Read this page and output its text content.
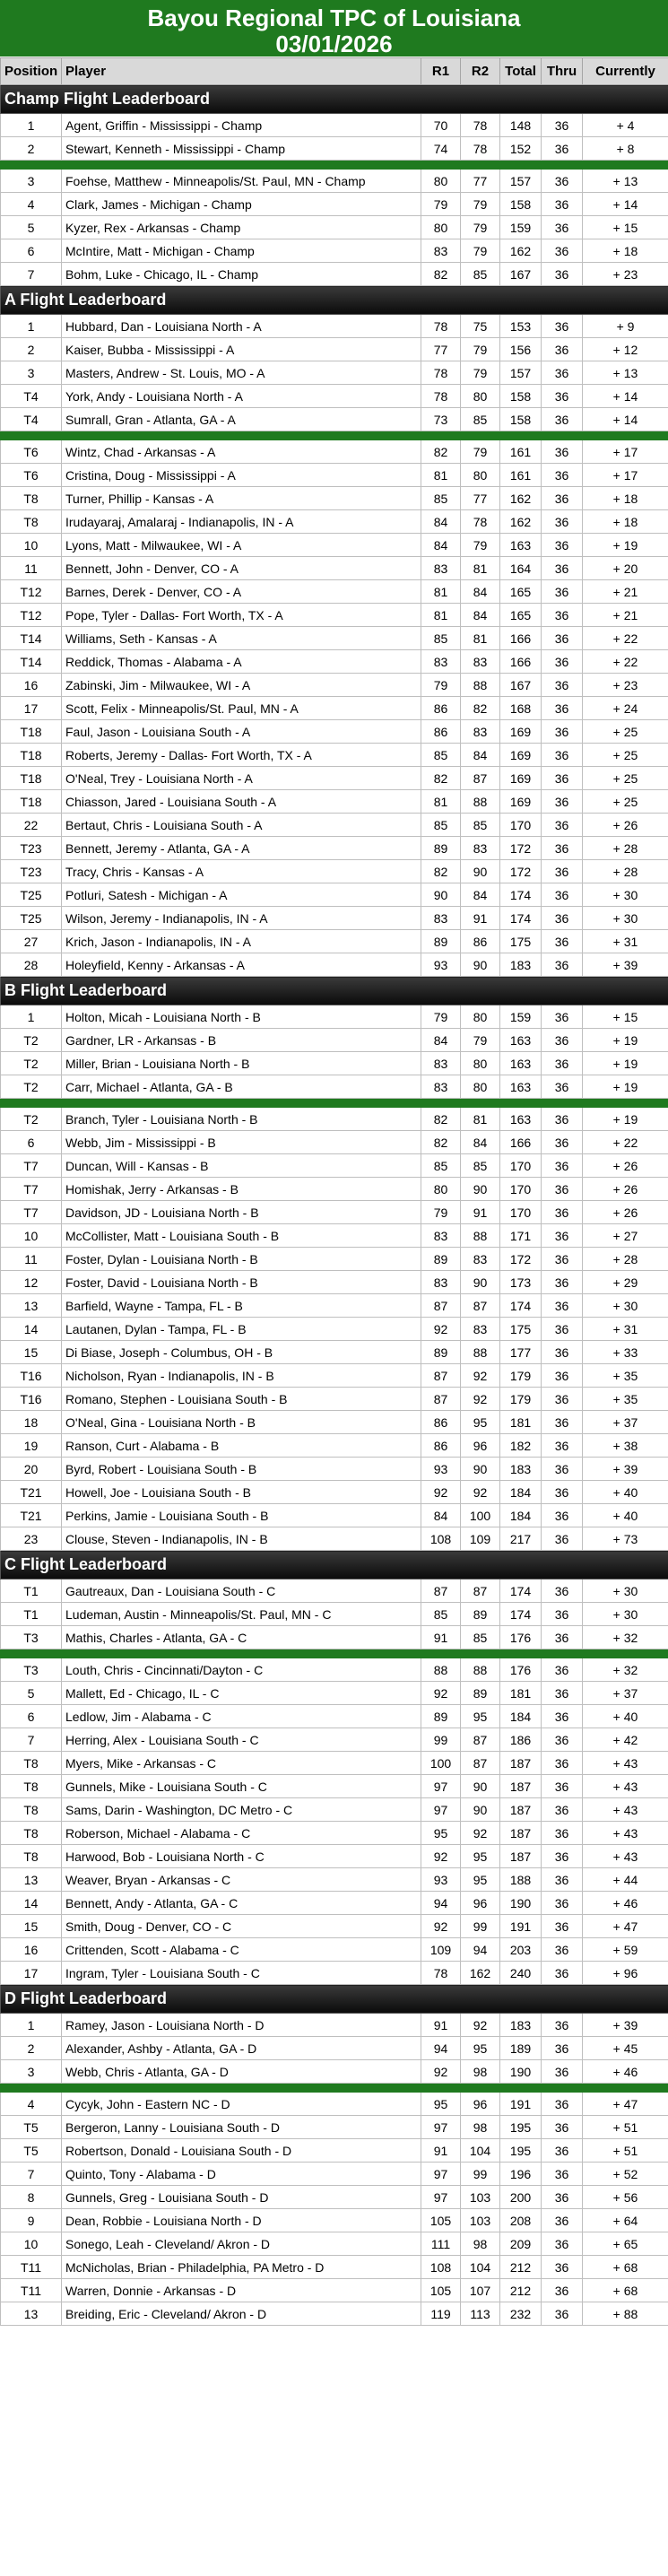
Bayou Regional TPC of Louisiana
03/01/2026
Position	Player	R1	R2	Total	Thru	Currently
Champ Flight Leaderboard						
1	Agent, Griffin - Mississippi - Champ	70	78	148	36	+ 4
2	Stewart, Kenneth - Mississippi - Champ	74	78	152	36	+ 8

3	Foehse, Matthew - Minneapolis/St. Paul, MN - Champ	80	77	157	36	+ 13
4	Clark, James - Michigan - Champ	79	79	158	36	+ 14
5	Kyzer, Rex - Arkansas - Champ	80	79	159	36	+ 15
6	McIntire, Matt - Michigan - Champ	83	79	162	36	+ 18
7	Bohm, Luke - Chicago, IL - Champ	82	85	167	36	+ 23
A Flight Leaderboard						
1	Hubbard, Dan - Louisiana North - A	78	75	153	36	+ 9
2	Kaiser, Bubba - Mississippi - A	77	79	156	36	+ 12
3	Masters, Andrew - St. Louis, MO - A	78	79	157	36	+ 13
T4	York, Andy - Louisiana North - A	78	80	158	36	+ 14
T4	Sumrall, Gran - Atlanta, GA - A	73	85	158	36	+ 14

T6	Wintz, Chad - Arkansas - A	82	79	161	36	+ 17
T6	Cristina, Doug - Mississippi - A	81	80	161	36	+ 17
T8	Turner, Phillip - Kansas - A	85	77	162	36	+ 18
T8	Irudayaraj, Amalaraj - Indianapolis, IN - A	84	78	162	36	+ 18
10	Lyons, Matt - Milwaukee, WI - A	84	79	163	36	+ 19
11	Bennett, John - Denver, CO - A	83	81	164	36	+ 20
T12	Barnes, Derek - Denver, CO - A	81	84	165	36	+ 21
T12	Pope, Tyler - Dallas- Fort Worth, TX - A	81	84	165	36	+ 21
T14	Williams, Seth - Kansas - A	85	81	166	36	+ 22
T14	Reddick, Thomas - Alabama - A	83	83	166	36	+ 22
16	Zabinski, Jim - Milwaukee, WI - A	79	88	167	36	+ 23
17	Scott, Felix - Minneapolis/St. Paul, MN - A	86	82	168	36	+ 24
T18	Faul, Jason - Louisiana South - A	86	83	169	36	+ 25
T18	Roberts, Jeremy - Dallas- Fort Worth, TX - A	85	84	169	36	+ 25
T18	O'Neal, Trey - Louisiana North - A	82	87	169	36	+ 25
T18	Chiasson, Jared - Louisiana South - A	81	88	169	36	+ 25
22	Bertaut, Chris - Louisiana South - A	85	85	170	36	+ 26
T23	Bennett, Jeremy - Atlanta, GA - A	89	83	172	36	+ 28
T23	Tracy, Chris - Kansas - A	82	90	172	36	+ 28
T25	Potluri, Satesh - Michigan - A	90	84	174	36	+ 30
T25	Wilson, Jeremy - Indianapolis, IN - A	83	91	174	36	+ 30
27	Krich, Jason - Indianapolis, IN - A	89	86	175	36	+ 31
28	Holeyfield, Kenny - Arkansas - A	93	90	183	36	+ 39
B Flight Leaderboard						
1	Holton, Micah - Louisiana North - B	79	80	159	36	+ 15
T2	Gardner, LR - Arkansas - B	84	79	163	36	+ 19
T2	Miller, Brian - Louisiana North - B	83	80	163	36	+ 19
T2	Carr, Michael - Atlanta, GA - B	83	80	163	36	+ 19

T2	Branch, Tyler - Louisiana North - B	82	81	163	36	+ 19
6	Webb, Jim - Mississippi - B	82	84	166	36	+ 22
T7	Duncan, Will - Kansas - B	85	85	170	36	+ 26
T7	Homishak, Jerry - Arkansas - B	80	90	170	36	+ 26
T7	Davidson, JD - Louisiana North - B	79	91	170	36	+ 26
10	McCollister, Matt - Louisiana South - B	83	88	171	36	+ 27
11	Foster, Dylan - Louisiana North - B	89	83	172	36	+ 28
12	Foster, David - Louisiana North - B	83	90	173	36	+ 29
13	Barfield, Wayne - Tampa, FL - B	87	87	174	36	+ 30
14	Lautanen, Dylan - Tampa, FL - B	92	83	175	36	+ 31
15	Di Biase, Joseph - Columbus, OH - B	89	88	177	36	+ 33
T16	Nicholson, Ryan - Indianapolis, IN - B	87	92	179	36	+ 35
T16	Romano, Stephen - Louisiana South - B	87	92	179	36	+ 35
18	O'Neal, Gina - Louisiana North - B	86	95	181	36	+ 37
19	Ranson, Curt - Alabama - B	86	96	182	36	+ 38
20	Byrd, Robert - Louisiana South - B	93	90	183	36	+ 39
T21	Howell, Joe - Louisiana South - B	92	92	184	36	+ 40
T21	Perkins, Jamie - Louisiana South - B	84	100	184	36	+ 40
23	Clouse, Steven - Indianapolis, IN - B	108	109	217	36	+ 73
C Flight Leaderboard						
T1	Gautreaux, Dan - Louisiana South - C	87	87	174	36	+ 30
T1	Ludeman, Austin - Minneapolis/St. Paul, MN - C	85	89	174	36	+ 30
T3	Mathis, Charles - Atlanta, GA - C	91	85	176	36	+ 32

T3	Louth, Chris - Cincinnati/Dayton - C	88	88	176	36	+ 32
5	Mallett, Ed - Chicago, IL - C	92	89	181	36	+ 37
6	Ledlow, Jim - Alabama - C	89	95	184	36	+ 40
7	Herring, Alex - Louisiana South - C	99	87	186	36	+ 42
T8	Myers, Mike - Arkansas - C	100	87	187	36	+ 43
T8	Gunnels, Mike - Louisiana South - C	97	90	187	36	+ 43
T8	Sams, Darin - Washington, DC Metro - C	97	90	187	36	+ 43
T8	Roberson, Michael - Alabama - C	95	92	187	36	+ 43
T8	Harwood, Bob - Louisiana North - C	92	95	187	36	+ 43
13	Weaver, Bryan - Arkansas - C	93	95	188	36	+ 44
14	Bennett, Andy - Atlanta, GA - C	94	96	190	36	+ 46
15	Smith, Doug - Denver, CO - C	92	99	191	36	+ 47
16	Crittenden, Scott - Alabama - C	109	94	203	36	+ 59
17	Ingram, Tyler - Louisiana South - C	78	162	240	36	+ 96
D Flight Leaderboard						
1	Ramey, Jason - Louisiana North - D	91	92	183	36	+ 39
2	Alexander, Ashby - Atlanta, GA - D	94	95	189	36	+ 45
3	Webb, Chris - Atlanta, GA - D	92	98	190	36	+ 46

4	Cycyk, John - Eastern NC - D	95	96	191	36	+ 47
T5	Bergeron, Lanny - Louisiana South - D	97	98	195	36	+ 51
T5	Robertson, Donald - Louisiana South - D	91	104	195	36	+ 51
7	Quinto, Tony - Alabama - D	97	99	196	36	+ 52
8	Gunnels, Greg - Louisiana South - D	97	103	200	36	+ 56
9	Dean, Robbie - Louisiana North - D	105	103	208	36	+ 64
10	Sonego, Leah - Cleveland/ Akron - D	111	98	209	36	+ 65
T11	McNicholas, Brian - Philadelphia, PA Metro - D	108	104	212	36	+ 68
T11	Warren, Donnie - Arkansas - D	105	107	212	36	+ 68
13	Breiding, Eric - Cleveland/ Akron - D	119	113	232	36	+ 88
